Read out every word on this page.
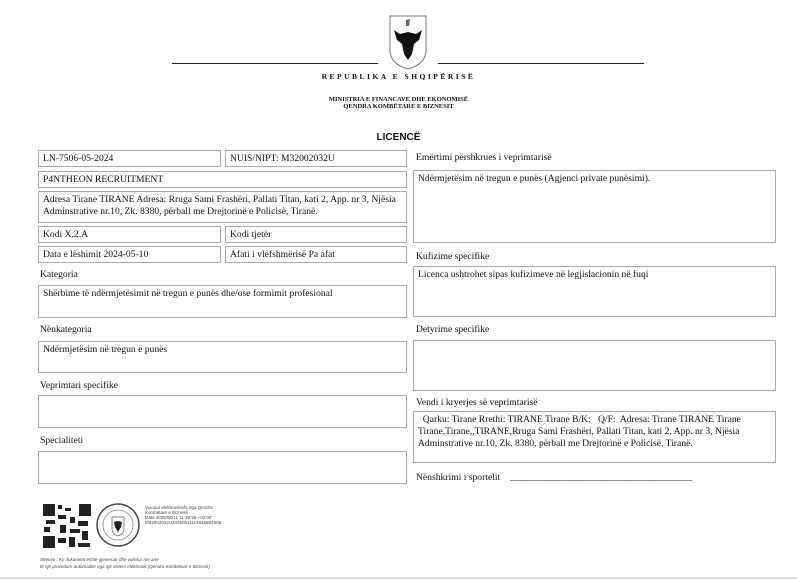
REPUBLIKA E SHQIPËRISË
MINISTRIA E FINANCAVE DHE EKONOMISË
QENDRA KOMBËTARE E BIZNESIT
LICENCË
LN-7506-05-2024	NUIS/NIPT: M32002032U
P4NTHEON RECRUITMENT
Adresa Tirane TIRANE Adresa: Rruga Sami Frashëri, Pallati Titan, kati 2, App. nr 3, Njësia Adminstrative nr.10, Zk. 8380, përball me Drejtorinë e Policisë, Tiranë.
Kodi X.2.A	Kodi tjetër
Data e lëshimit 2024-05-10	Afati i vlefshmërisë Pa afat
Kategoria
Shërbime të ndërmjetësimit në tregun e punës dhe/ose formimit profesional
Nënkategoria
Ndërmjetësim në tregun e punës
Veprimtari specifike
Specialiteti
Emërtimi përshkrues i veprimtarisë
Ndërmjetësim në tregun e punës (Agjenci private punësimi).
Kufizime specifike
Licenca ushtrohet sipas kufizimeve në legjislacionin në fuqi
Detyrime specifike
Vendi i kryerjes së veprimtarisë
Qarku: Tirane Rrethi: TIRANE Tirane B/K:   Q/F:  Adresa: Tirane TIRANE Tirane  Tirane,Tirane,,TIRANE,Rruga Sami Frashëri, Pallati Titan, kati 2, App. nr 3, Njësia Adminstrative nr.10, Zk. 8380, përball me Drejtorinë e Policisë, Tiranë.
Nënshkrimi i sportelit ______________________________________
Vulosur elektronikisht nga Qendra
Kombëtare e Biznesit
Date:2025/06/11 11:49:58 +02'00'
M32002032U20250611114945894006
Shënim : Ky dokument është gjeneruar dhe vulosur me anë
të një procedure automatike nga një sistem elektronik (Qendra Kombëtare e Biznesit)
